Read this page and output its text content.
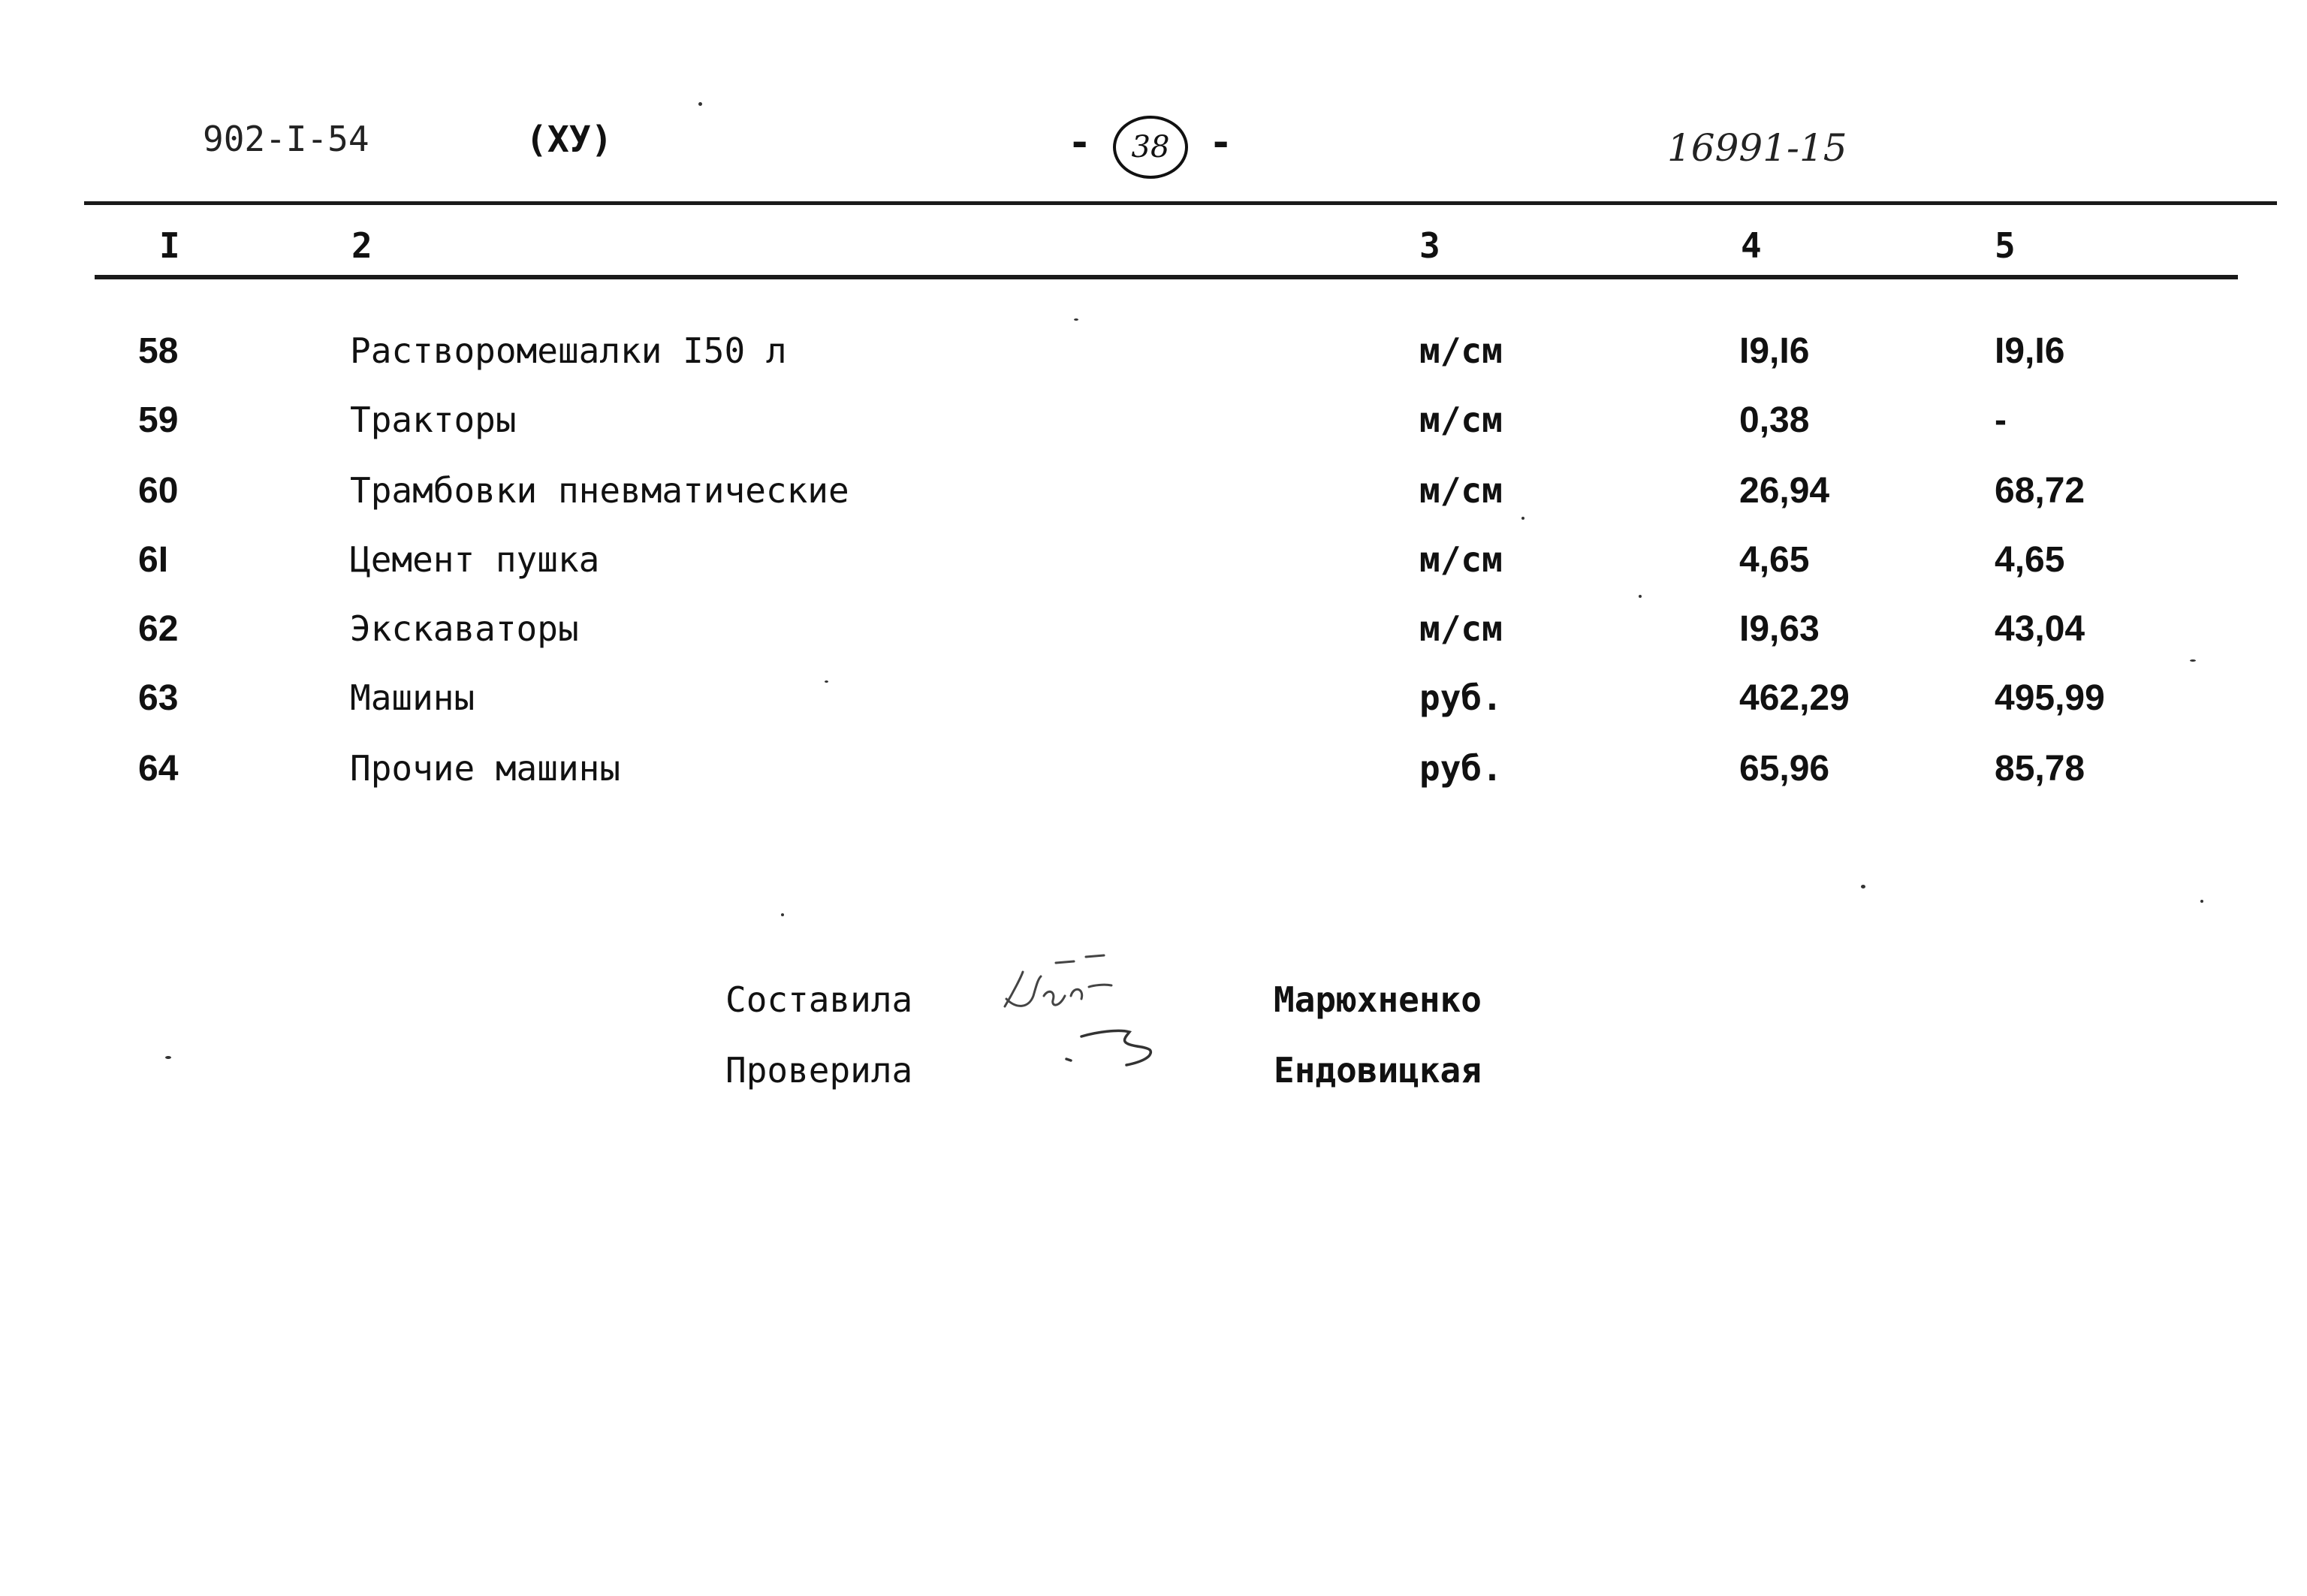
902-I-54	(ХУ)	-	38	-	16991-15
I	2	3	4	5
58	Растворомешалки I50 л	м/см	I9,I6	I9,I6
59	Тракторы	м/см	0,38	-
60	Трамбовки пневматические	м/см	26,94	68,72
6I	Цемент пушка	м/см	4,65	4,65
62	Экскаваторы	м/см	I9,63	43,04
63	Машины	руб.	462,29	495,99
64	Прочие машины	руб.	65,96	85,78
Составила	Марюхненко
Проверила	Ендовицкая
